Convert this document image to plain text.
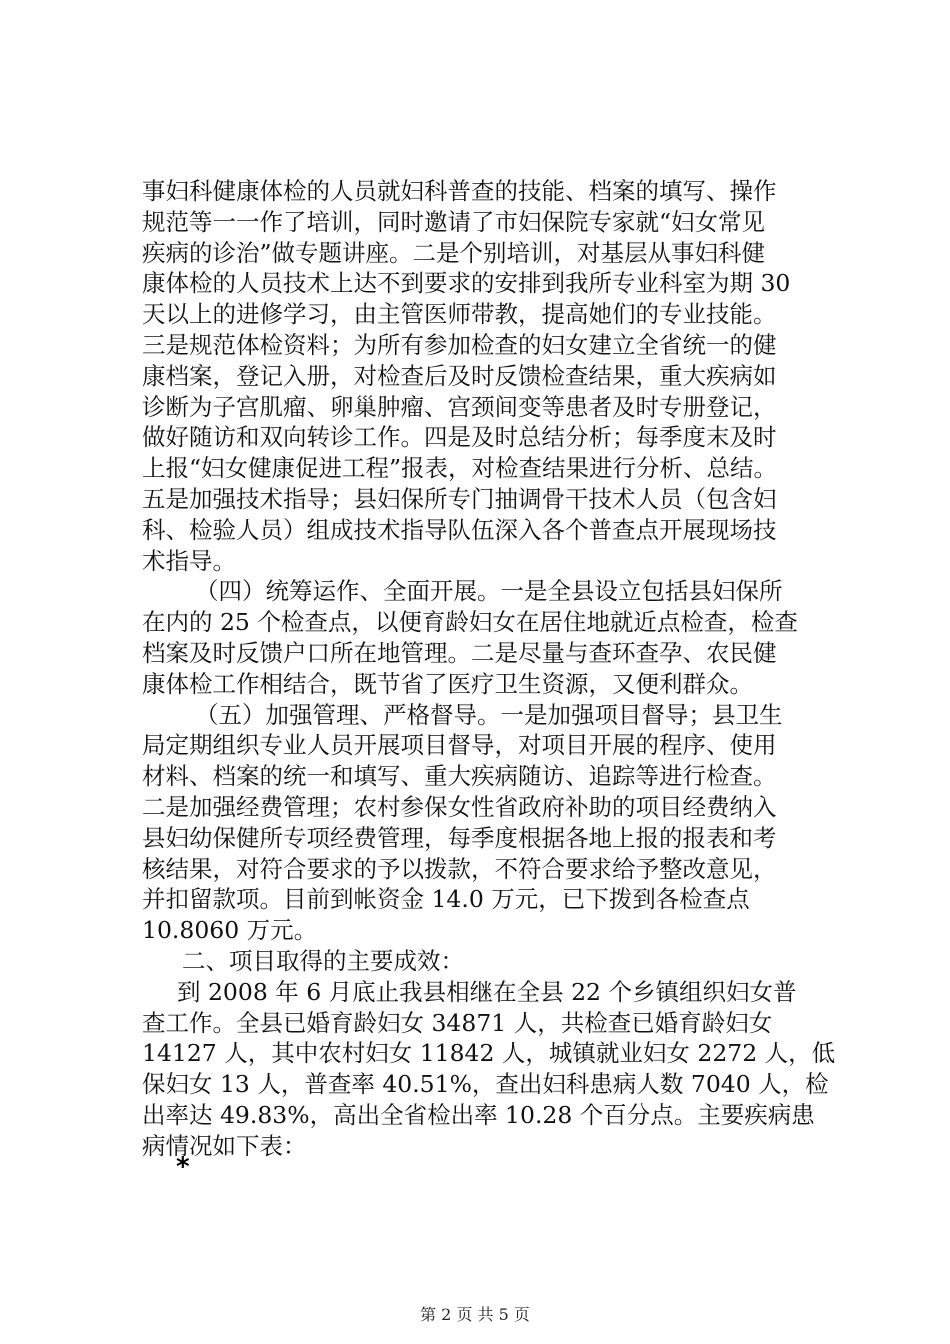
事妇科健康体检的人员就妇科普查的技能、档案的填写、操作
规范等一一作了培训，同时邀请了市妇保院专家就“妇女常见
疾病的诊治”做专题讲座。二是个别培训，对基层从事妇科健
康体检的人员技术上达不到要求的安排到我所专业科室为期 30
天以上的进修学习，由主管医师带教，提高她们的专业技能。
三是规范体检资料；为所有参加检查的妇女建立全省统一的健
康档案，登记入册，对检查后及时反馈检查结果，重大疾病如
诊断为子宫肌瘤、卵巢肿瘤、宫颈间变等患者及时专册登记，
做好随访和双向转诊工作。四是及时总结分析；每季度末及时
上报“妇女健康促进工程”报表，对检查结果进行分析、总结。
五是加强技术指导；县妇保所专门抽调骨干技术人员（包含妇
科、检验人员）组成技术指导队伍深入各个普查点开展现场技
术指导。
（四）统筹运作、全面开展。一是全县设立包括县妇保所
在内的 25 个检查点，以便育龄妇女在居住地就近点检查，检查
档案及时反馈户口所在地管理。二是尽量与查环查孕、农民健
康体检工作相结合，既节省了医疗卫生资源，又便利群众。
（五）加强管理、严格督导。一是加强项目督导；县卫生
局定期组织专业人员开展项目督导，对项目开展的程序、使用
材料、档案的统一和填写、重大疾病随访、追踪等进行检查。
二是加强经费管理；农村参保女性省政府补助的项目经费纳入
县妇幼保健所专项经费管理，每季度根据各地上报的报表和考
核结果，对符合要求的予以拨款，不符合要求给予整改意见，
并扣留款项。目前到帐资金 14.0 万元，已下拨到各检查点
10.8060 万元。
二、项目取得的主要成效：
到 2008 年 6 月底止我县相继在全县 22 个乡镇组织妇女普
查工作。全县已婚育龄妇女 34871 人，共检查已婚育龄妇女
14127 人，其中农村妇女 11842 人，城镇就业妇女 2272 人，低
保妇女 13 人，普查率 40.51%，查出妇科患病人数 7040 人，检
出率达 49.83%，高出全省检出率 10.28 个百分点。主要疾病患
病情况如下表：
*
第 2 页 共 5 页
